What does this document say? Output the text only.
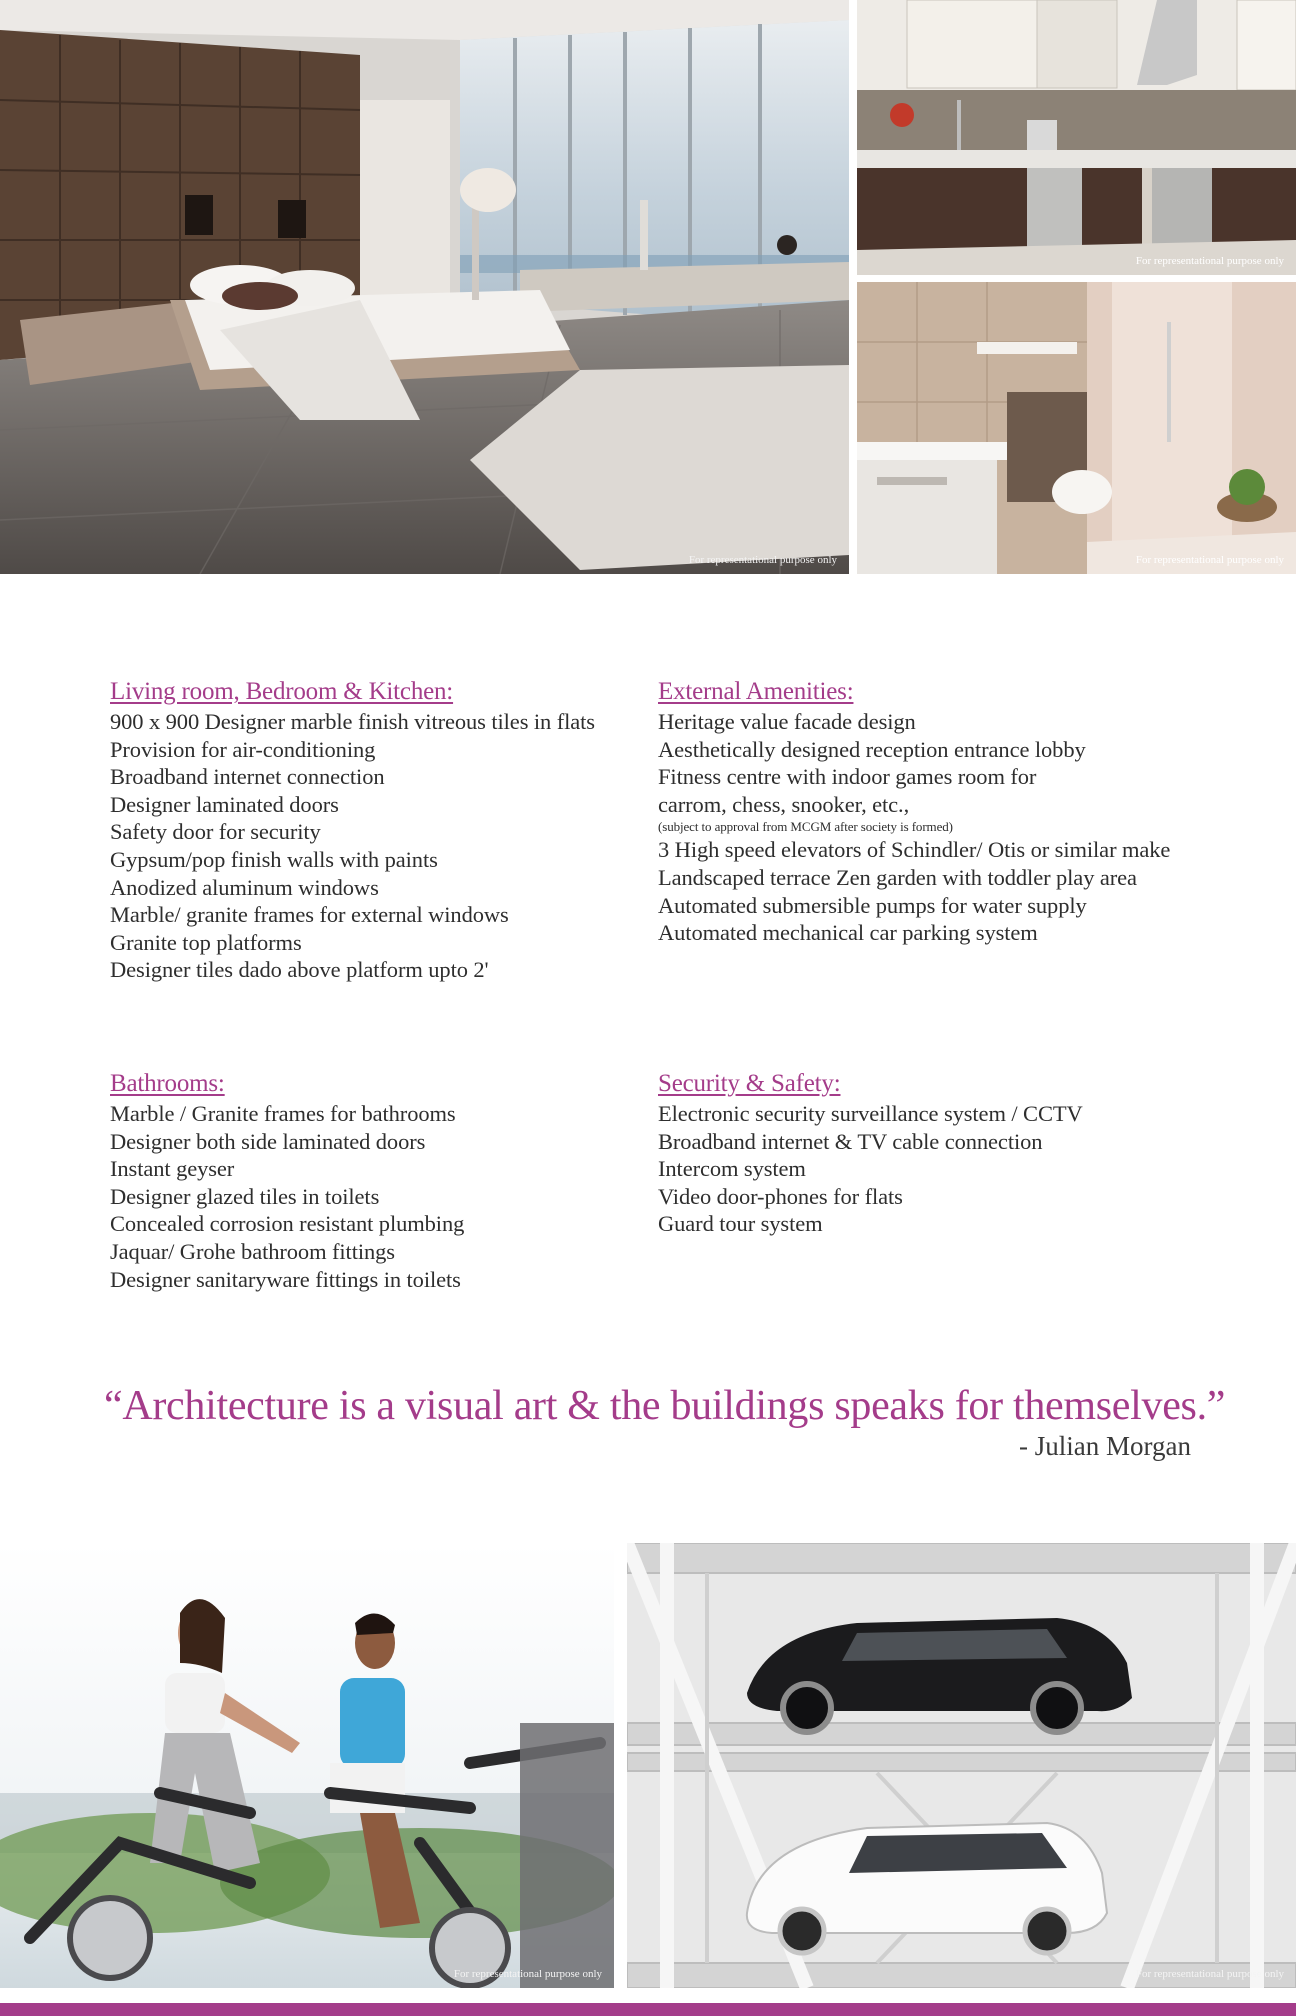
For representational purpose only
For representational purpose only
For representational purpose only
Living room, Bedroom & Kitchen:
900 x 900 Designer marble finish vitreous tiles in flats
Provision for air-conditioning
Broadband internet connection
Designer laminated doors
Safety door for security
Gypsum/pop finish walls with paints
Anodized aluminum windows
Marble/ granite frames for external windows
Granite top platforms
Designer tiles dado above platform upto 2'
External Amenities:
Heritage value facade design
Aesthetically designed reception entrance lobby
Fitness centre with indoor games room for
carrom, chess, snooker, etc.,
(subject to approval from MCGM after society is formed)
3 High speed elevators of Schindler/ Otis or similar make
Landscaped terrace Zen garden with toddler play area
Automated submersible pumps for water supply
Automated mechanical car parking system
Bathrooms:
Marble / Granite frames for bathrooms
Designer both side laminated doors
Instant geyser
Designer glazed tiles in toilets
Concealed corrosion resistant plumbing
Jaquar/ Grohe bathroom fittings
Designer sanitaryware fittings in toilets
Security & Safety:
Electronic security surveillance system / CCTV
Broadband internet & TV cable connection
Intercom system
Video door-phones for flats
Guard tour system
“Architecture is a visual art & the buildings speaks for themselves.”
- Julian Morgan
For representational purpose only	For representational purpose only
